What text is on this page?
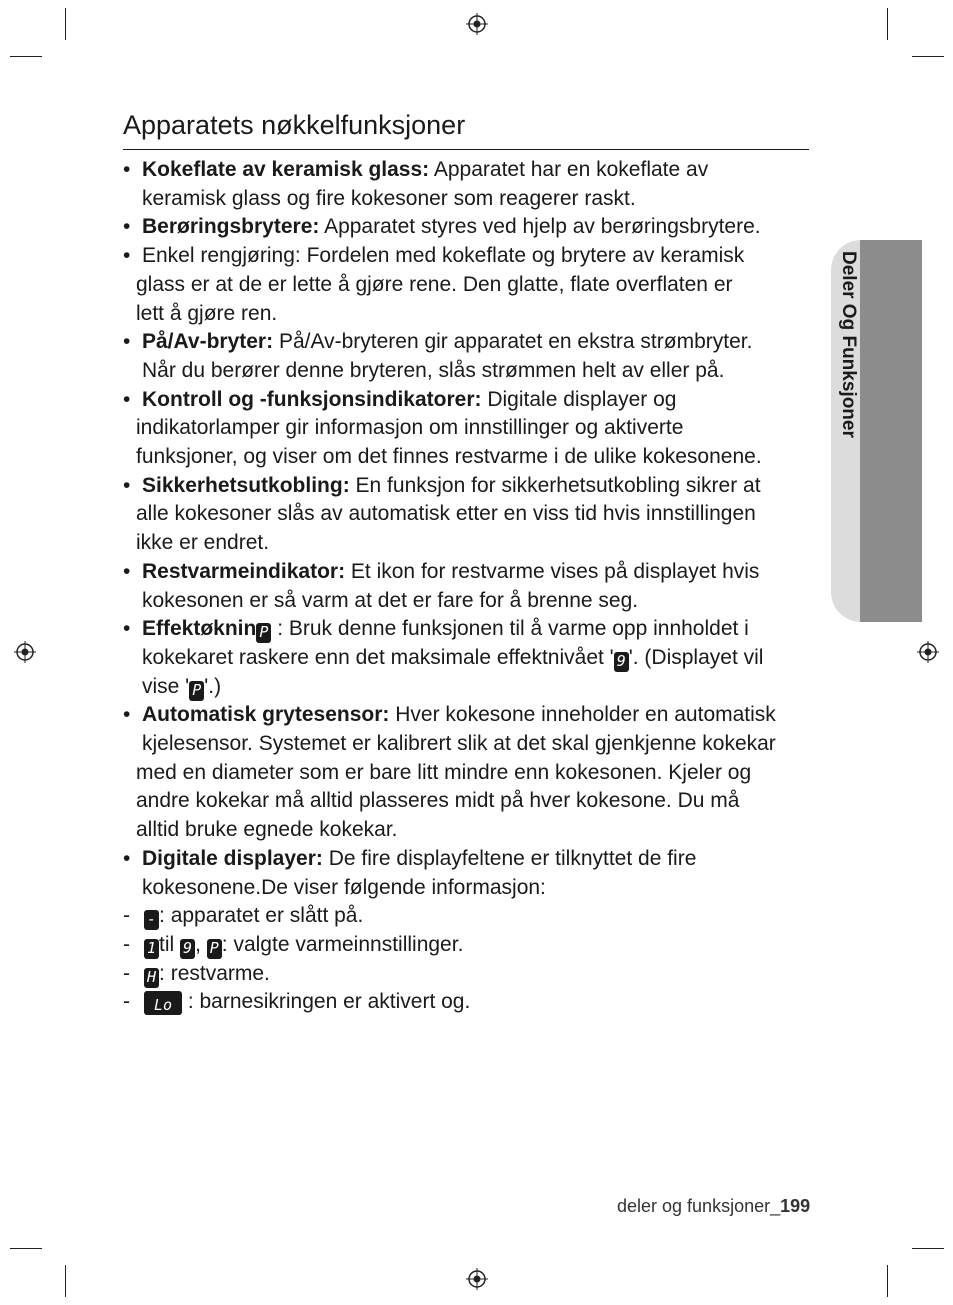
Deler Og Funksjoner
Apparatets nøkkelfunksjoner
• Kokeflate av keramisk glass: Apparatet har en kokeflate av
keramisk glass og fire kokesoner som reagerer raskt.
• Berøringsbrytere: Apparatet styres ved hjelp av berøringsbrytere.
• Enkel rengjøring: Fordelen med kokeflate og brytere av keramisk
glass er at de er lette å gjøre rene. Den glatte, flate overflaten er
lett å gjøre ren.
• På/Av-bryter: På/Av-bryteren gir apparatet en ekstra strømbryter.
Når du berører denne bryteren, slås strømmen helt av eller på.
• Kontroll og -funksjonsindikatorer: Digitale displayer og
indikatorlamper gir informasjon om innstillinger og aktiverte
funksjoner, og viser om det finnes restvarme i de ulike kokesonene.
• Sikkerhetsutkobling: En funksjon for sikkerhetsutkobling sikrer at
alle kokesoner slås av automatisk etter en viss tid hvis innstillingen
ikke er endret.
• Restvarmeindikator: Et ikon for restvarme vises på displayet hvis
kokesonen er så varm at det er fare for å brenne seg.
• Effektøknin P : Bruk denne funksjonen til å varme opp innholdet i
kokekaret raskere enn det maksimale effektnivået ' 9 '. (Displayet vil
vise ' P '.)
• Automatisk grytesensor: Hver kokesone inneholder en automatisk
kjelesensor. Systemet er kalibrert slik at det skal gjenkjenne kokekar
med en diameter som er bare litt mindre enn kokesonen. Kjeler og
andre kokekar må alltid plasseres midt på hver kokesone. Du må
alltid bruke egnede kokekar.
• Digitale displayer: De fire displayfeltene er tilknyttet de fire
kokesonene.De viser følgende informasjon:
- - : apparatet er slått på.
- 1 til 9 , P : valgte varmeinnstillinger.
- H : restvarme.
-	Lo : barnesikringen er aktivert og.
deler og funksjoner_199
